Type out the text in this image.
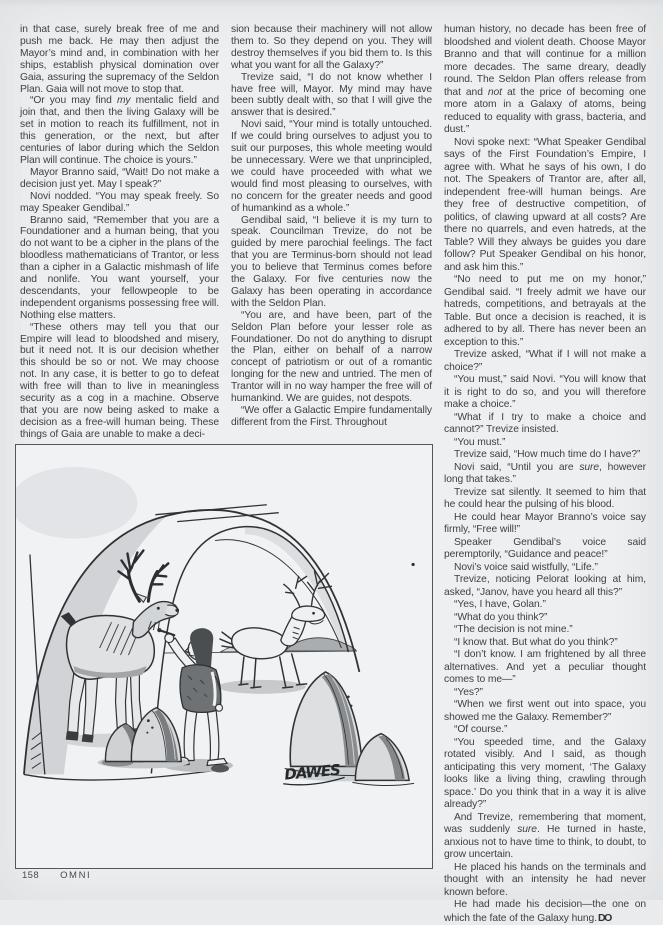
in that case, surely break free of me and push me back. He may then adjust the Mayor’s mind and, in combination with her ships, establish physical domination over Gaia, assuring the supremacy of the Seldon Plan. Gaia will not move to stop that.

“Or you may find my mentalic field and join that, and then the living Galaxy will be set in motion to reach its fulfillment, not in this generation, or the next, but after centuries of labor during which the Seldon Plan will continue. The choice is yours.”

Mayor Branno said, “Wait! Do not make a decision just yet. May I speak?”

Novi nodded. “You may speak freely. So may Speaker Gendibal.”

Branno said, “Remember that you are a Foundationer and a human being, that you do not want to be a cipher in the plans of the bloodless mathematicians of Trantor, or less than a cipher in a Galactic mishmash of life and nonlife. You want yourself, your descendants, your fellowpeople to be independent organisms possessing free will. Nothing else matters.

“These others may tell you that our Empire will lead to bloodshed and misery, but it need not. It is our decision whether this should be so or not. We may choose not. In any case, it is better to go to defeat with free will than to live in meaningless security as a cog in a machine. Observe that you are now being asked to make a decision as a free-will human being. These things of Gaia are unable to make a deci-

sion because their machinery will not allow them to. So they depend on you. They will destroy themselves if you bid them to. Is this what you want for all the Galaxy?”

Trevize said, “I do not know whether I have free will, Mayor. My mind may have been subtly dealt with, so that I will give the answer that is desired.”

Novi said, “Your mind is totally untouched. If we could bring ourselves to adjust you to suit our purposes, this whole meeting would be unnecessary. Were we that unprincipled, we could have proceeded with what we would find most pleasing to ourselves, with no concern for the greater needs and good of humankind as a whole.”

Gendibal said, “I believe it is my turn to speak. Councilman Trevize, do not be guided by mere parochial feelings. The fact that you are Terminus-born should not lead you to believe that Terminus comes before the Galaxy. For five centuries now the Galaxy has been operating in accordance with the Seldon Plan.

“You are, and have been, part of the Seldon Plan before your lesser role as Foundationer. Do not do anything to disrupt the Plan, either on behalf of a narrow concept of patriotism or out of a romantic longing for the new and untried. The men of Trantor will in no way hamper the free will of humankind. We are guides, not despots.

“We offer a Galactic Empire fundamentally different from the First. Throughout

human history, no decade has been free of bloodshed and violent death. Choose Mayor Branno and that will continue for a million more decades. The same dreary, deadly round. The Seldon Plan offers release from that and not at the price of becoming one more atom in a Galaxy of atoms, being reduced to equality with grass, bacteria, and dust.”

Novi spoke next: “What Speaker Gendibal says of the First Foundation’s Empire, I agree with. What he says of his own, I do not. The Speakers of Trantor are, after all, independent free-will human beings. Are they free of destructive competition, of politics, of clawing upward at all costs? Are there no quarrels, and even hatreds, at the Table? Will they always be guides you dare follow? Put Speaker Gendibal on his honor, and ask him this.”

“No need to put me on my honor,” Gendibal said. “I freely admit we have our hatreds, competitions, and betrayals at the Table. But once a decision is reached, it is adhered to by all. There has never been an exception to this.”

Trevize asked, “What if I will not make a choice?”

“You must,” said Novi. “You will know that it is right to do so, and you will therefore make a choice.”

“What if I try to make a choice and cannot?” Trevize insisted.

“You must.”

Trevize said, “How much time do I have?”

Novi said, “Until you are sure, however long that takes.”

Trevize sat silently. It seemed to him that he could hear the pulsing of his blood.

He could hear Mayor Branno’s voice say firmly, “Free will!”

Speaker Gendibal’s voice said peremptorily, “Guidance and peace!”

Novi’s voice said wistfully, “Life.”

Trevize, noticing Pelorat looking at him, asked, “Janov, have you heard all this?”

“Yes, I have, Golan.”

“What do you think?”

“The decision is not mine.”

“I know that. But what do you think?”

“I don’t know. I am frightened by all three alternatives. And yet a peculiar thought comes to me—”

“Yes?”

“When we first went out into space, you showed me the Galaxy. Remember?”

“Of course.”

“You speeded time, and the Galaxy rotated visibly. And I said, as though anticipating this very moment, ‘The Galaxy looks like a living thing, crawling through space.’ Do you think that in a way it is alive already?”

And Trevize, remembering that moment, was suddenly sure. He turned in haste, anxious not to have time to think, to doubt, to grow uncertain.

He placed his hands on the terminals and thought with an intensity he had never known before.

He had made his decision—the one on which the fate of the Galaxy hung.DO

DAWES
158 OMNI
